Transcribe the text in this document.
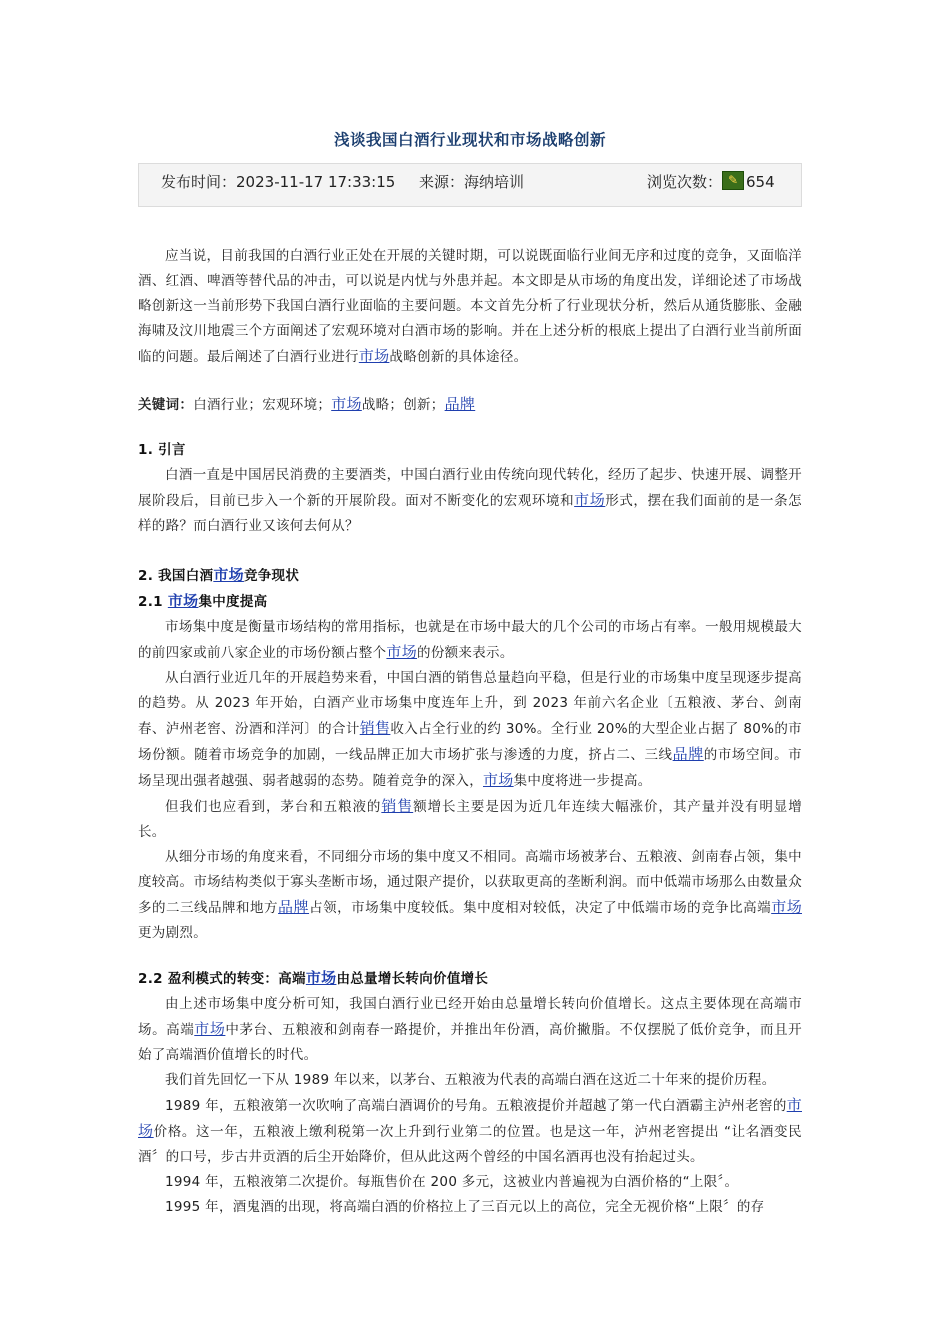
浅谈我国白酒行业现状和市场战略创新
发布时间：2023-11-17 17:33:15 来源：海纳培训	浏览次数： ✎ 654

应当说，目前我国的白酒行业正处在开展的关键时期，可以说既面临行业间无序和过度的竞争，又面临洋酒、红酒、啤酒等替代品的冲击，可以说是内忧与外患并起。本文即是从市场的角度出发，详细论述了市场战略创新这一当前形势下我国白酒行业面临的主要问题。本文首先分析了行业现状分析，然后从通货膨胀、金融海啸及汶川地震三个方面阐述了宏观环境对白酒市场的影响。并在上述分析的根底上提出了白酒行业当前所面临的问题。最后阐述了白酒行业进行市场战略创新的具体途径。

关键词：白酒行业；宏观环境；市场战略；创新；品牌

1. 引言

白酒一直是中国居民消费的主要酒类，中国白酒行业由传统向现代转化，经历了起步、快速开展、调整开展阶段后，目前已步入一个新的开展阶段。面对不断变化的宏观环境和市场形式，摆在我们面前的是一条怎样的路？而白酒行业又该何去何从？

2. 我国白酒市场竞争现状
2.1 市场集中度提高

市场集中度是衡量市场结构的常用指标，也就是在市场中最大的几个公司的市场占有率。一般用规模最大的前四家或前八家企业的市场份额占整个市场的份额来表示。

从白酒行业近几年的开展趋势来看，中国白酒的销售总量趋向平稳，但是行业的市场集中度呈现逐步提高的趋势。从 2023 年开始，白酒产业市场集中度连年上升，到 2023 年前六名企业〔五粮液、茅台、剑南春、泸州老窖、汾酒和洋河〕的合计销售收入占全行业的约 30%。全行业 20%的大型企业占据了 80%的市场份额。随着市场竞争的加剧，一线品牌正加大市场扩张与渗透的力度，挤占二、三线品牌的市场空间。市场呈现出强者越强、弱者越弱的态势。随着竞争的深入，市场集中度将进一步提高。

但我们也应看到，茅台和五粮液的销售额增长主要是因为近几年连续大幅涨价，其产量并没有明显增长。

从细分市场的角度来看，不同细分市场的集中度又不相同。高端市场被茅台、五粮液、剑南春占领，集中度较高。市场结构类似于寡头垄断市场，通过限产提价，以获取更高的垄断利润。而中低端市场那么由数量众多的二三线品牌和地方品牌占领，市场集中度较低。集中度相对较低，决定了中低端市场的竞争比高端市场更为剧烈。

2.2 盈利模式的转变：高端市场由总量增长转向价值增长

由上述市场集中度分析可知，我国白酒行业已经开始由总量增长转向价值增长。这点主要体现在高端市场。高端市场中茅台、五粮液和剑南春一路提价，并推出年份酒，高价撇脂。不仅摆脱了低价竞争，而且开始了高端酒价值增长的时代。

我们首先回忆一下从 1989 年以来，以茅台、五粮液为代表的高端白酒在这近二十年来的提价历程。

1989 年，五粮液第一次吹响了高端白酒调价的号角。五粮液提价并超越了第一代白酒霸主泸州老窖的市场价格。这一年，五粮液上缴利税第一次上升到行业第二的位置。也是这一年，泸州老窖提出 “让名酒变民酒〞的口号，步古井贡酒的后尘开始降价，但从此这两个曾经的中国名酒再也没有抬起过头。

1994 年，五粮液第二次提价。每瓶售价在 200 多元，这被业内普遍视为白酒价格的“上限〞。

1995 年，酒鬼酒的出现，将高端白酒的价格拉上了三百元以上的高位，完全无视价格“上限〞的存
